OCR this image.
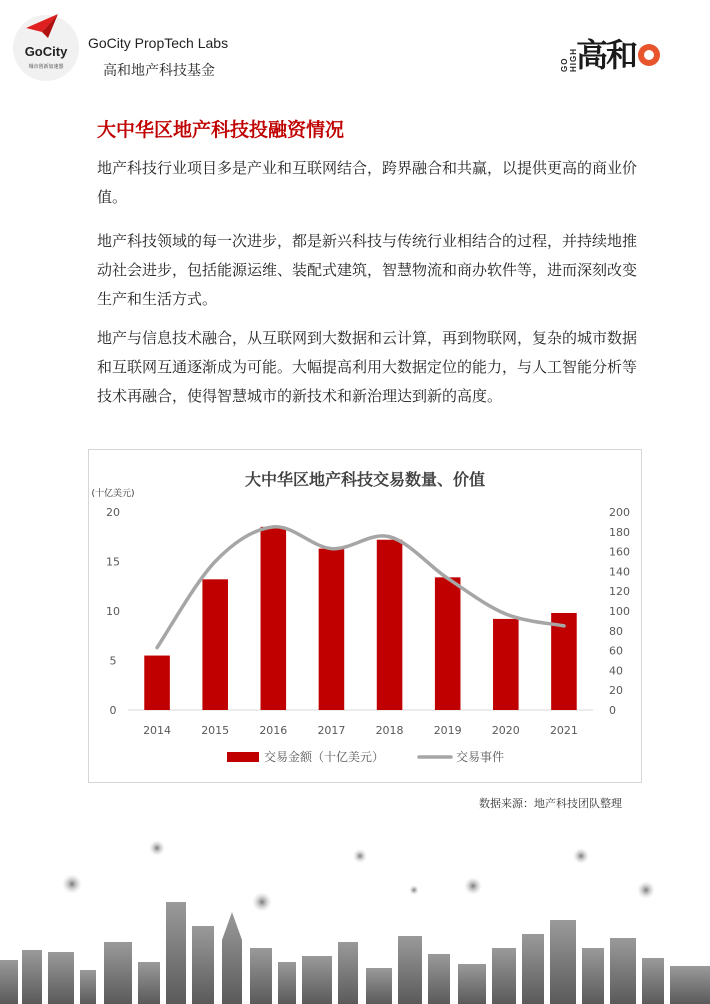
GoCity
城市创新加速器
GoCity PropTech Labs
高和地产科技基金	GO HIGH
高和
大中华区地产科技投融资情况

地产科技行业项目多是产业和互联网结合，跨界融合和共赢，以提供更高的商业价值。

地产科技领域的每一次进步，都是新兴科技与传统行业相结合的过程，并持续地推动社会进步，包括能源运维、装配式建筑，智慧物流和商办软件等，进而深刻改变生产和生活方式。

地产与信息技术融合，从互联网到大数据和云计算，再到物联网，复杂的城市数据和互联网互通逐渐成为可能。大幅提高利用大数据定位的能力，与人工智能分析等技术再融合，使得智慧城市的新技术和新治理达到新的高度。

大中华区地产科技交易数量、价值
(十亿美元)
0
5
10
15
20
0
20
40
60
80
100
120
140
160
180
200
2014	2015	2016	2017	2018	2019	2020	2021
交易金额（十亿美元）	交易事件
数据来源：地产科技团队整理
